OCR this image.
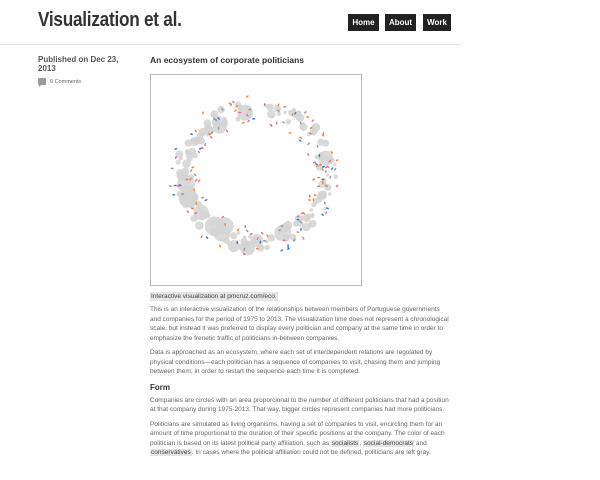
Visualization et al.	Home	About	Work

Published on Dec 23, 2013

0 Comments
An ecosystem of corporate politicians
Interactive visualization at pmcruz.com/eco.

This is an interactive visualization of the relationships between members of Portuguese governments and companies for the period of 1975 to 2013. The visualization time does not represent a chronological scale, but instead it was preferred to display every politician and company at the same time in order to emphasize the frenetic traffic of politicians in-between companies.

Data is approached as an ecosystem, where each set of interdependent relations are regulated by physical conditions—each politician has a sequence of companies to visit, chasing them and jumping between them, in order to restart the sequence each time it is completed.

Form

Companies are circles with an area proporcional to the number of different politicians that had a position at that company during 1975-2013. That way, bigger circles represent companies had more politicians.

Politicians are simulated as living organisms, having a set of companies to visit, encircling them for an amount of time proportional to the duration of their specific positions at the company. The color of each politician is based on its latest political party affiliation, such as socialists, social-democrats and conservatives. In cases where the political affiliation could not be defined, politicians are left gray.
